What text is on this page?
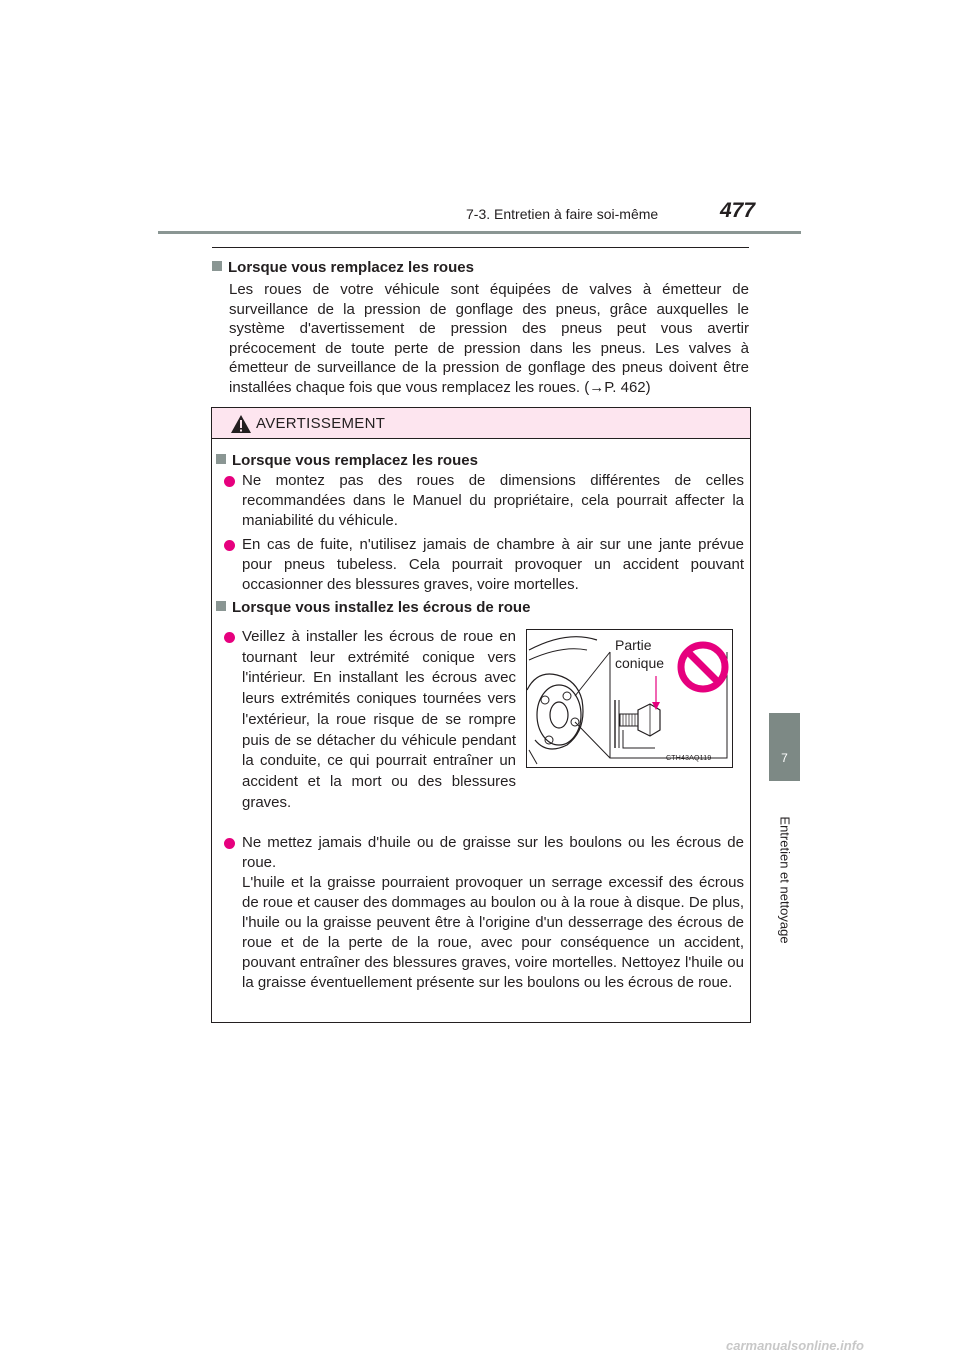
7-3. Entretien à faire soi-même	477
7
Entretien et nettoyage
Lorsque vous remplacez les roues
Les roues de votre véhicule sont équipées de valves à émetteur de surveillance de la pression de gonflage des pneus, grâce auxquelles le système d'avertissement de pression des pneus peut vous avertir précocement de toute perte de pression dans les pneus. Les valves à émetteur de surveillance de la pression de gonflage des pneus doivent être installées chaque fois que vous remplacez les roues. (→P. 462)
AVERTISSEMENT
Lorsque vous remplacez les roues
Ne montez pas des roues de dimensions différentes de celles recommandées dans le Manuel du propriétaire, cela pourrait affecter la maniabilité du véhicule.
En cas de fuite, n'utilisez jamais de chambre à air sur une jante prévue pour pneus tubeless. Cela pourrait provoquer un accident pouvant occasionner des blessures graves, voire mortelles.
Lorsque vous installez les écrous de roue
Veillez à installer les écrous de roue en tournant leur extrémité conique vers l'intérieur. En installant les écrous avec leurs extrémités coniques tournées vers l'extérieur, la roue risque de se rompre puis de se détacher du véhicule pendant la conduite, ce qui pourrait entraîner un accident et la mort ou des blessures graves.
Ne mettez jamais d'huile ou de graisse sur les boulons ou les écrous de roue.
L'huile et la graisse pourraient provoquer un serrage excessif des écrous de roue et causer des dommages au boulon ou à la roue à disque. De plus, l'huile ou la graisse peuvent être à l'origine d'un desserrage des écrous de roue et de la perte de la roue, avec pour conséquence un accident, pouvant entraîner des blessures graves, voire mortelles. Nettoyez l'huile ou la graisse éventuellement présente sur les boulons ou les écrous de roue.
Partie
conique
CTH43AQ119
carmanualsonline.info
